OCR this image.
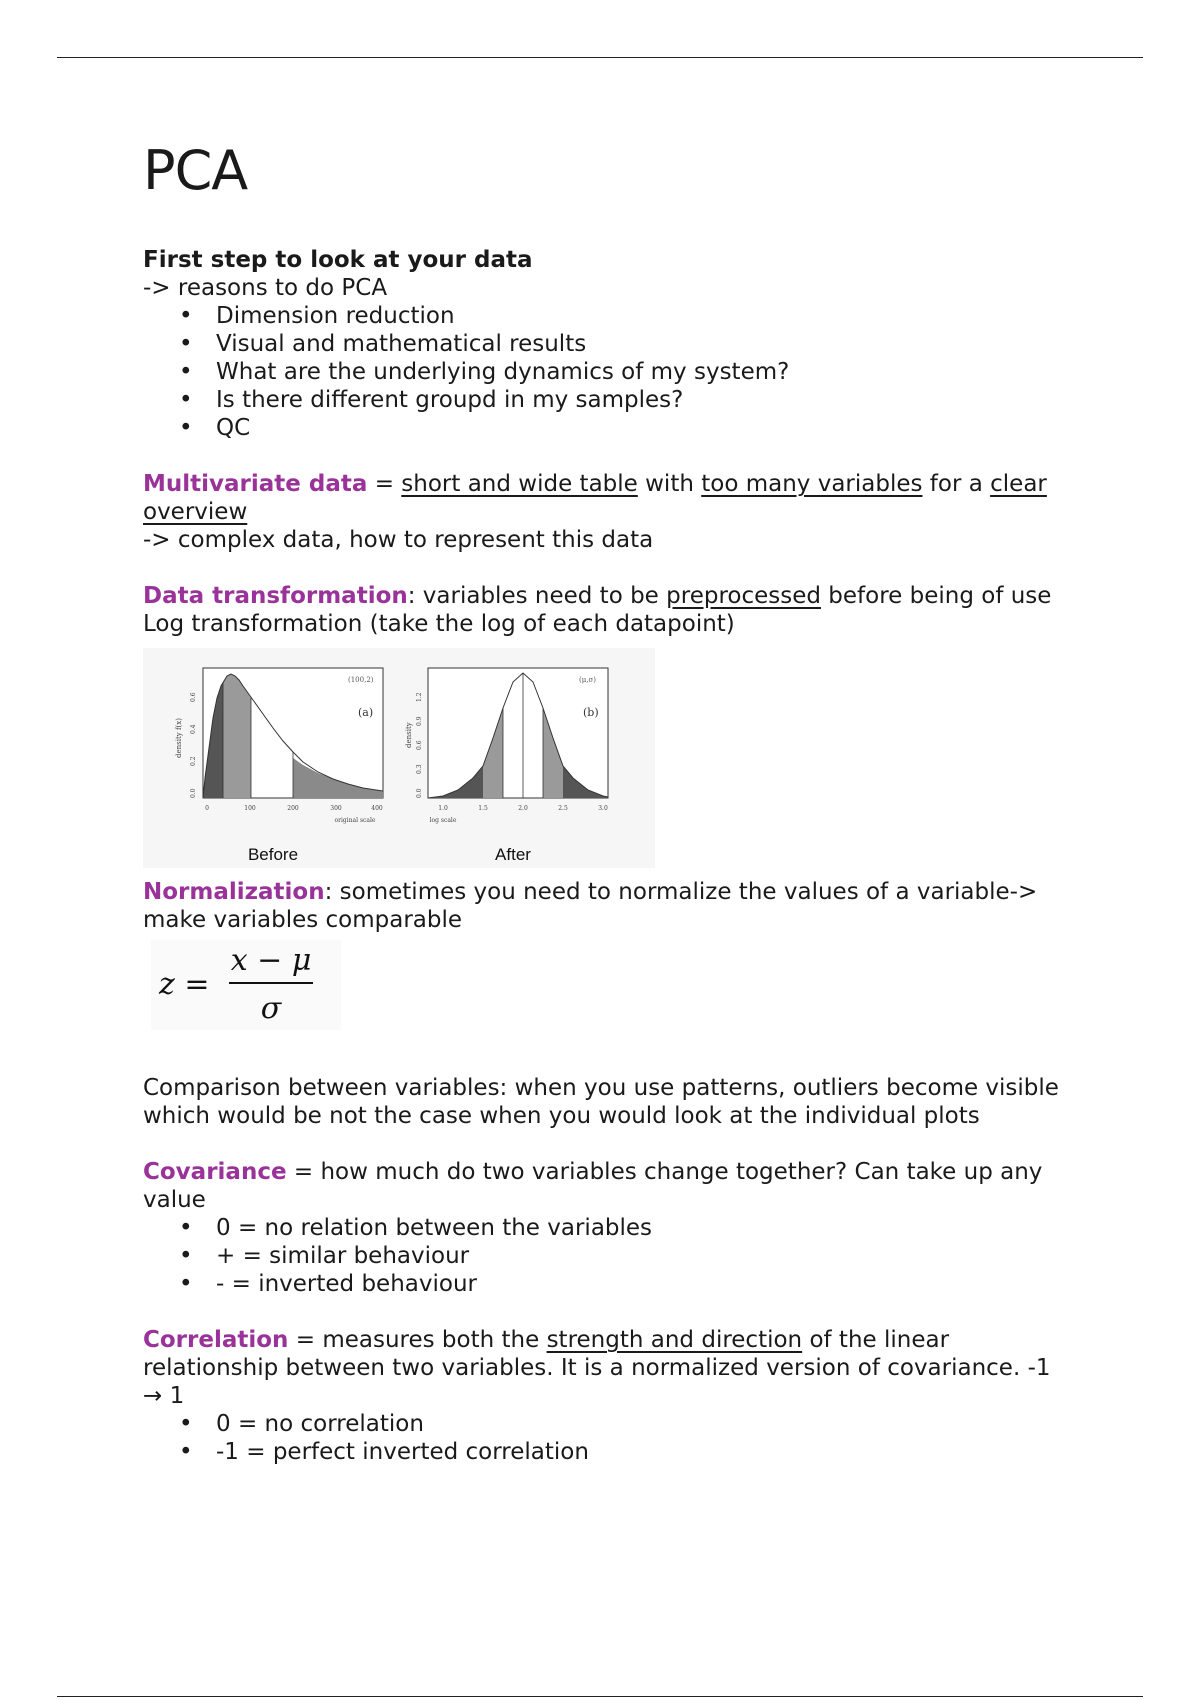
PCA

First step to look at your data

-> reasons to do PCA

• Dimension reduction
• Visual and mathematical results
• What are the underlying dynamics of my system?
• Is there different groupd in my samples?
• QC

Multivariate data = short and wide table with too many variables for a clear overview

-> complex data, how to represent this data

Data transformation: variables need to be preprocessed before being of use

Log transformation (take the log of each datapoint)

(a)
(100,2)
density f(x)
0.0
0.2
0.4
0.6
0	100	200	300	400
original scale
Before
(b)
(μ,σ)
density
0.0
0.3
0.6
0.9
1.2
1.0	1.5	2.0	2.5	3.0
log scale
After

Normalization: sometimes you need to normalize the values of a variable-> make variables comparable

z =
x − μ
σ

Comparison between variables: when you use patterns, outliers become visible which would be not the case when you would look at the individual plots

Covariance = how much do two variables change together? Can take up any value

• 0 = no relation between the variables
• + = similar behaviour
• - = inverted behaviour

Correlation = measures both the strength and direction of the linear relationship between two variables. It is a normalized version of covariance. -1 → 1

• 0 = no correlation
• -1 = perfect inverted correlation
